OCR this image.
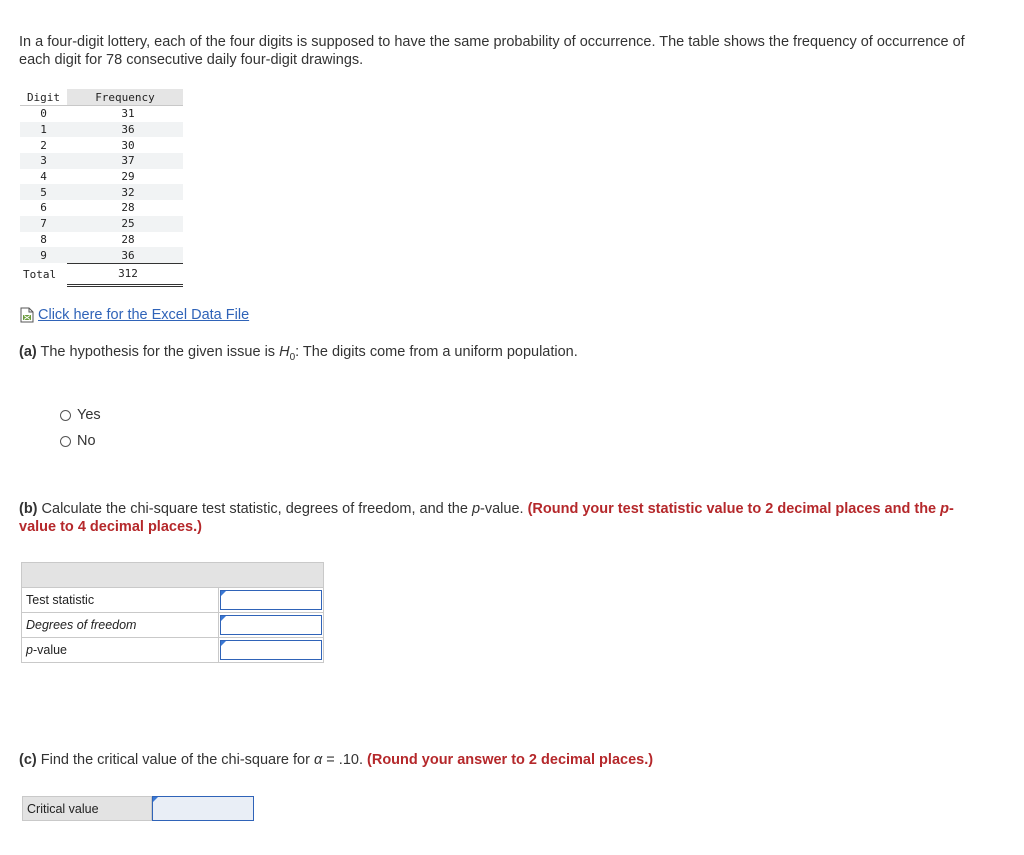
In a four-digit lottery, each of the four digits is supposed to have the same probability of occurrence. The table shows the frequency of occurrence of each digit for 78 consecutive daily four-digit drawings.
Digit	Frequency
0	31
1	36
2	30
3	37
4	29
5	32
6	28
7	25
8	28
9	36
Total	312
Click here for the Excel Data File
(a) The hypothesis for the given issue is $H_0$: The digits come from a uniform population.
Yes
No
(b) Calculate the chi-square test statistic, degrees of freedom, and the p-value. (Round your test statistic value to 2 decimal places and the p-value to 4 decimal places.)

Test statistic	

Degrees of freedom	

p-value	
(c) Find the critical value of the chi-square for α = .10. (Round your answer to 2 decimal places.)
Critical value
